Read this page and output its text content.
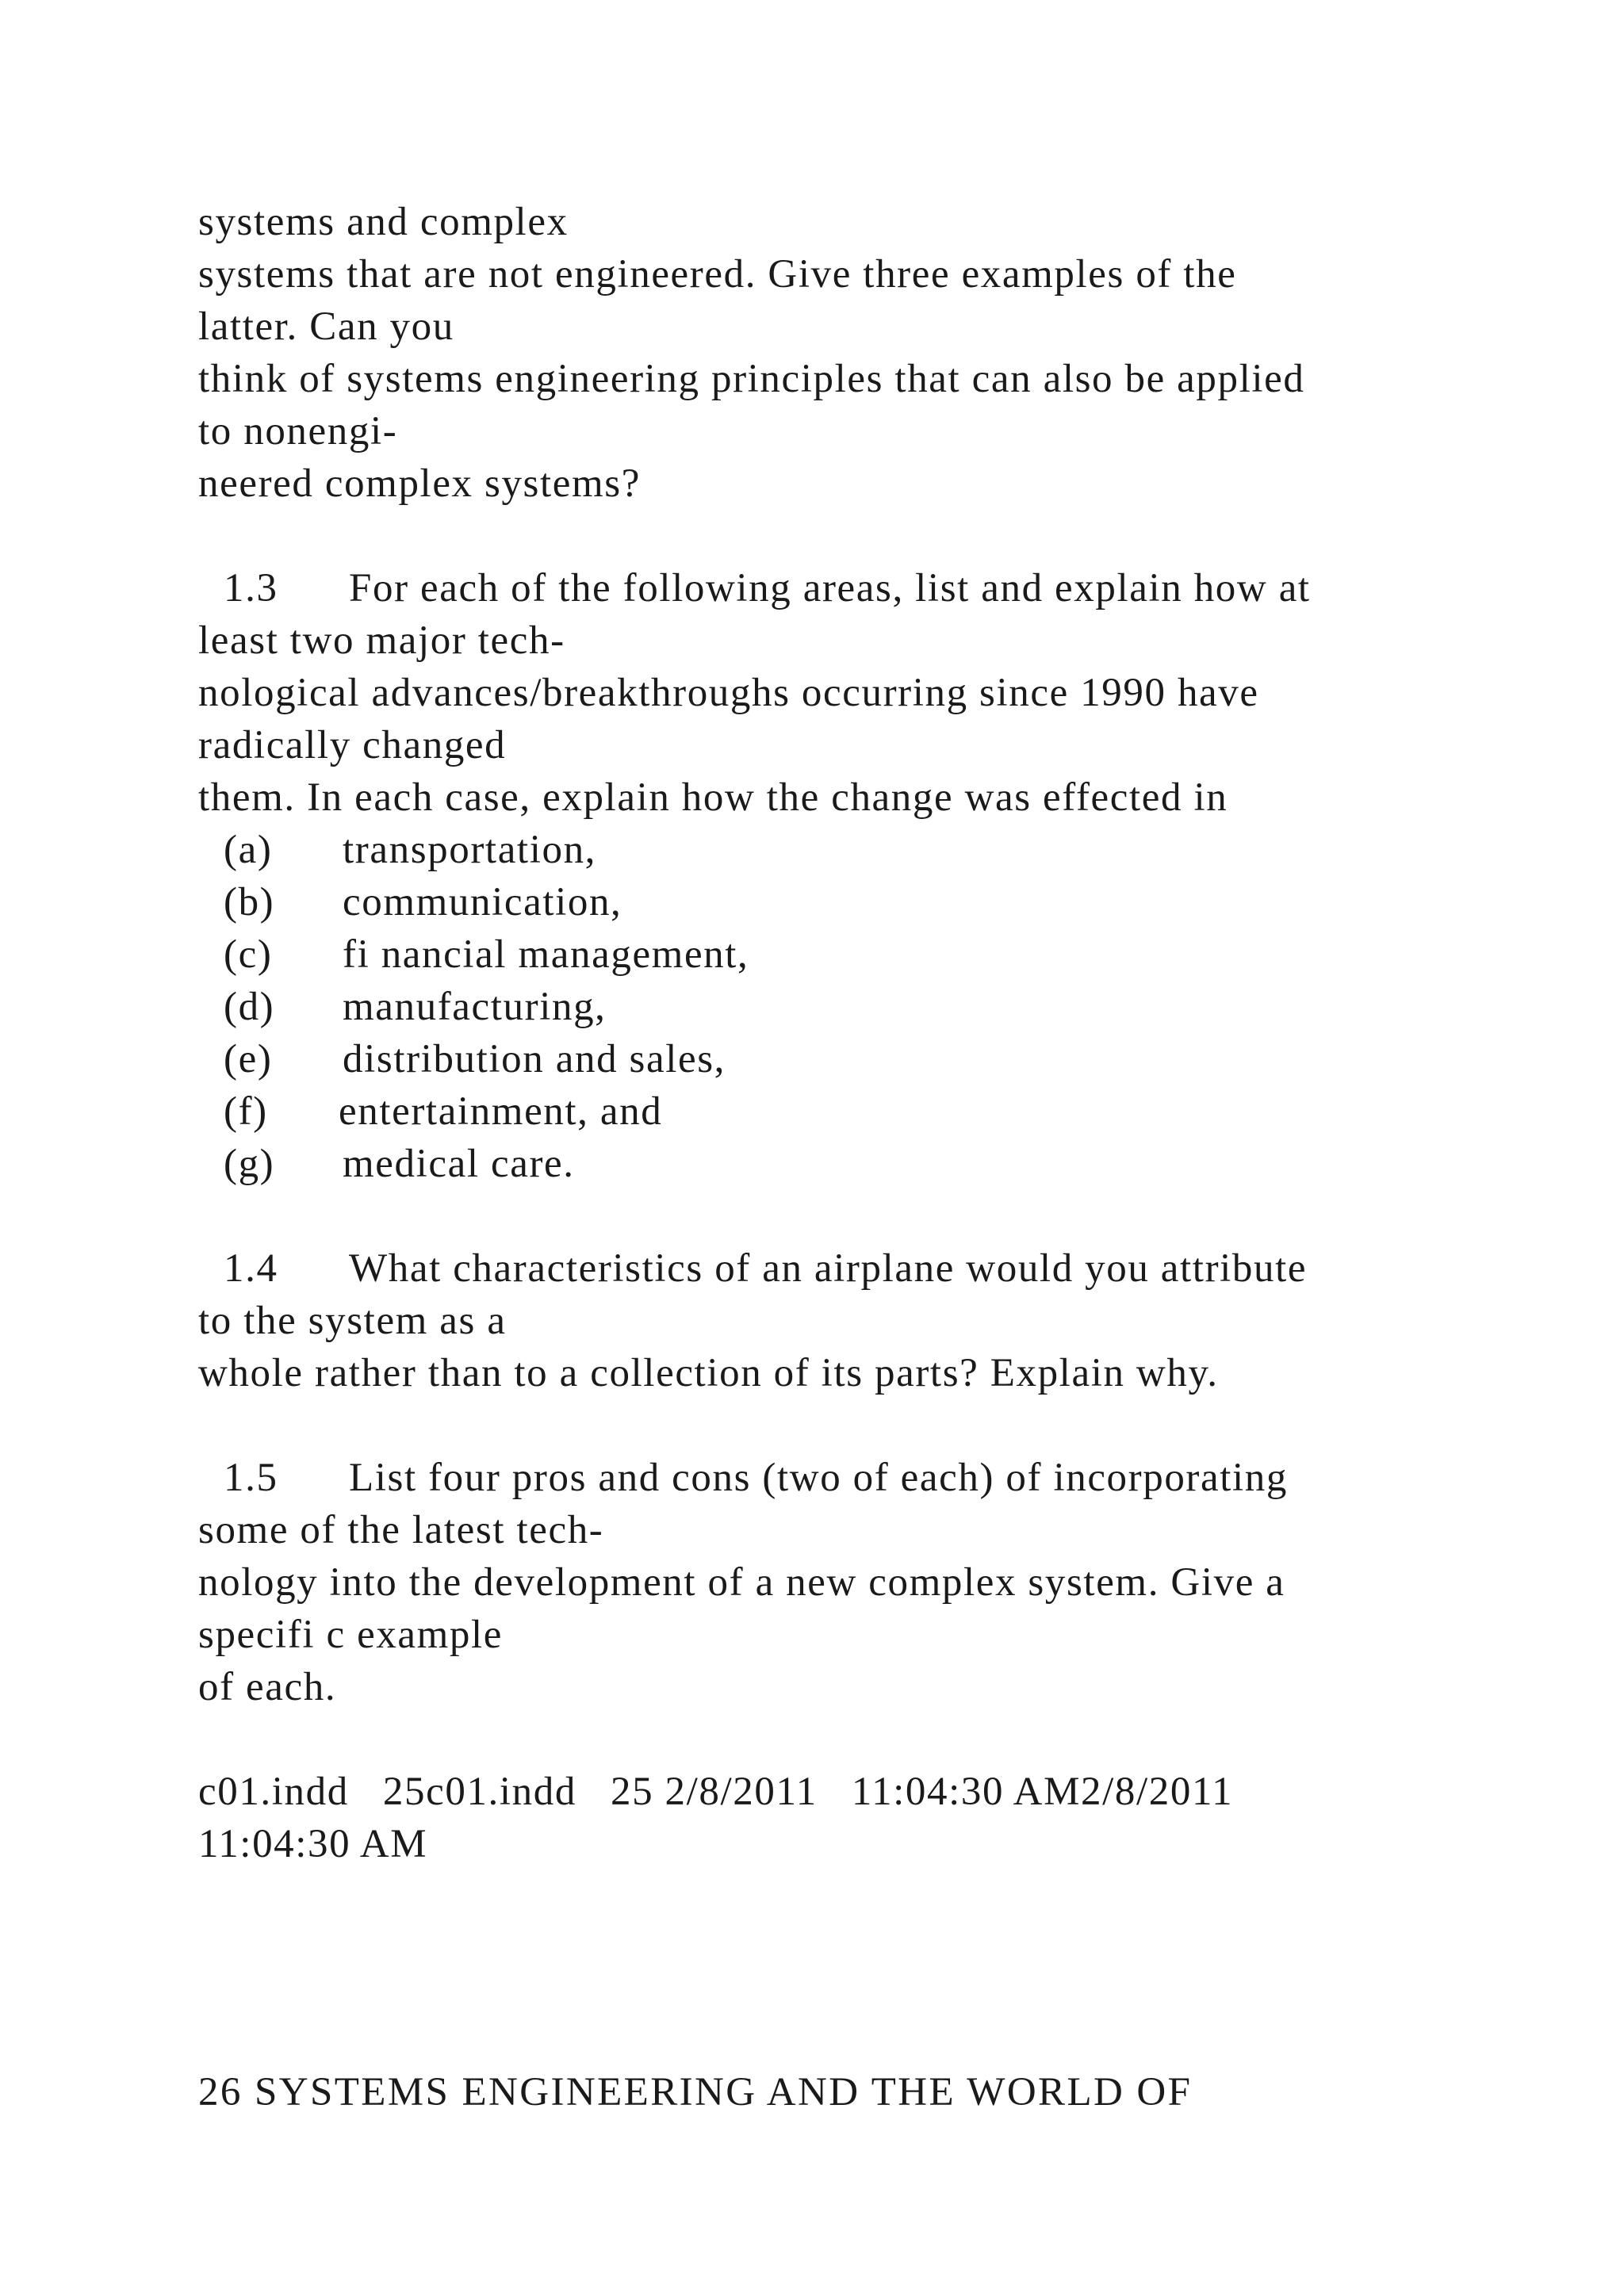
systems and complex

systems that are not engineered. Give three examples of the

latter. Can you

think of systems engineering principles that can also be applied

to nonengi-

neered complex systems?

1.3 For each of the following areas, list and explain how at

least two major tech-

nological advances/breakthroughs occurring since 1990 have

radically changed

them. In each case, explain how the change was effected in

(a) transportation,
(b) communication,
(c) fi nancial management,
(d) manufacturing,
(e) distribution and sales,
(f) entertainment, and
(g) medical care.

1.4 What characteristics of an airplane would you attribute

to the system as a

whole rather than to a collection of its parts? Explain why.

1.5 List four pros and cons (two of each) of incorporating

some of the latest tech-

nology into the development of a new complex system. Give a

specifi c example

of each.

c01.indd   25c01.indd   25 2/8/2011   11:04:30 AM2/8/2011

11:04:30 AM

26 SYSTEMS ENGINEERING AND THE WORLD OF
